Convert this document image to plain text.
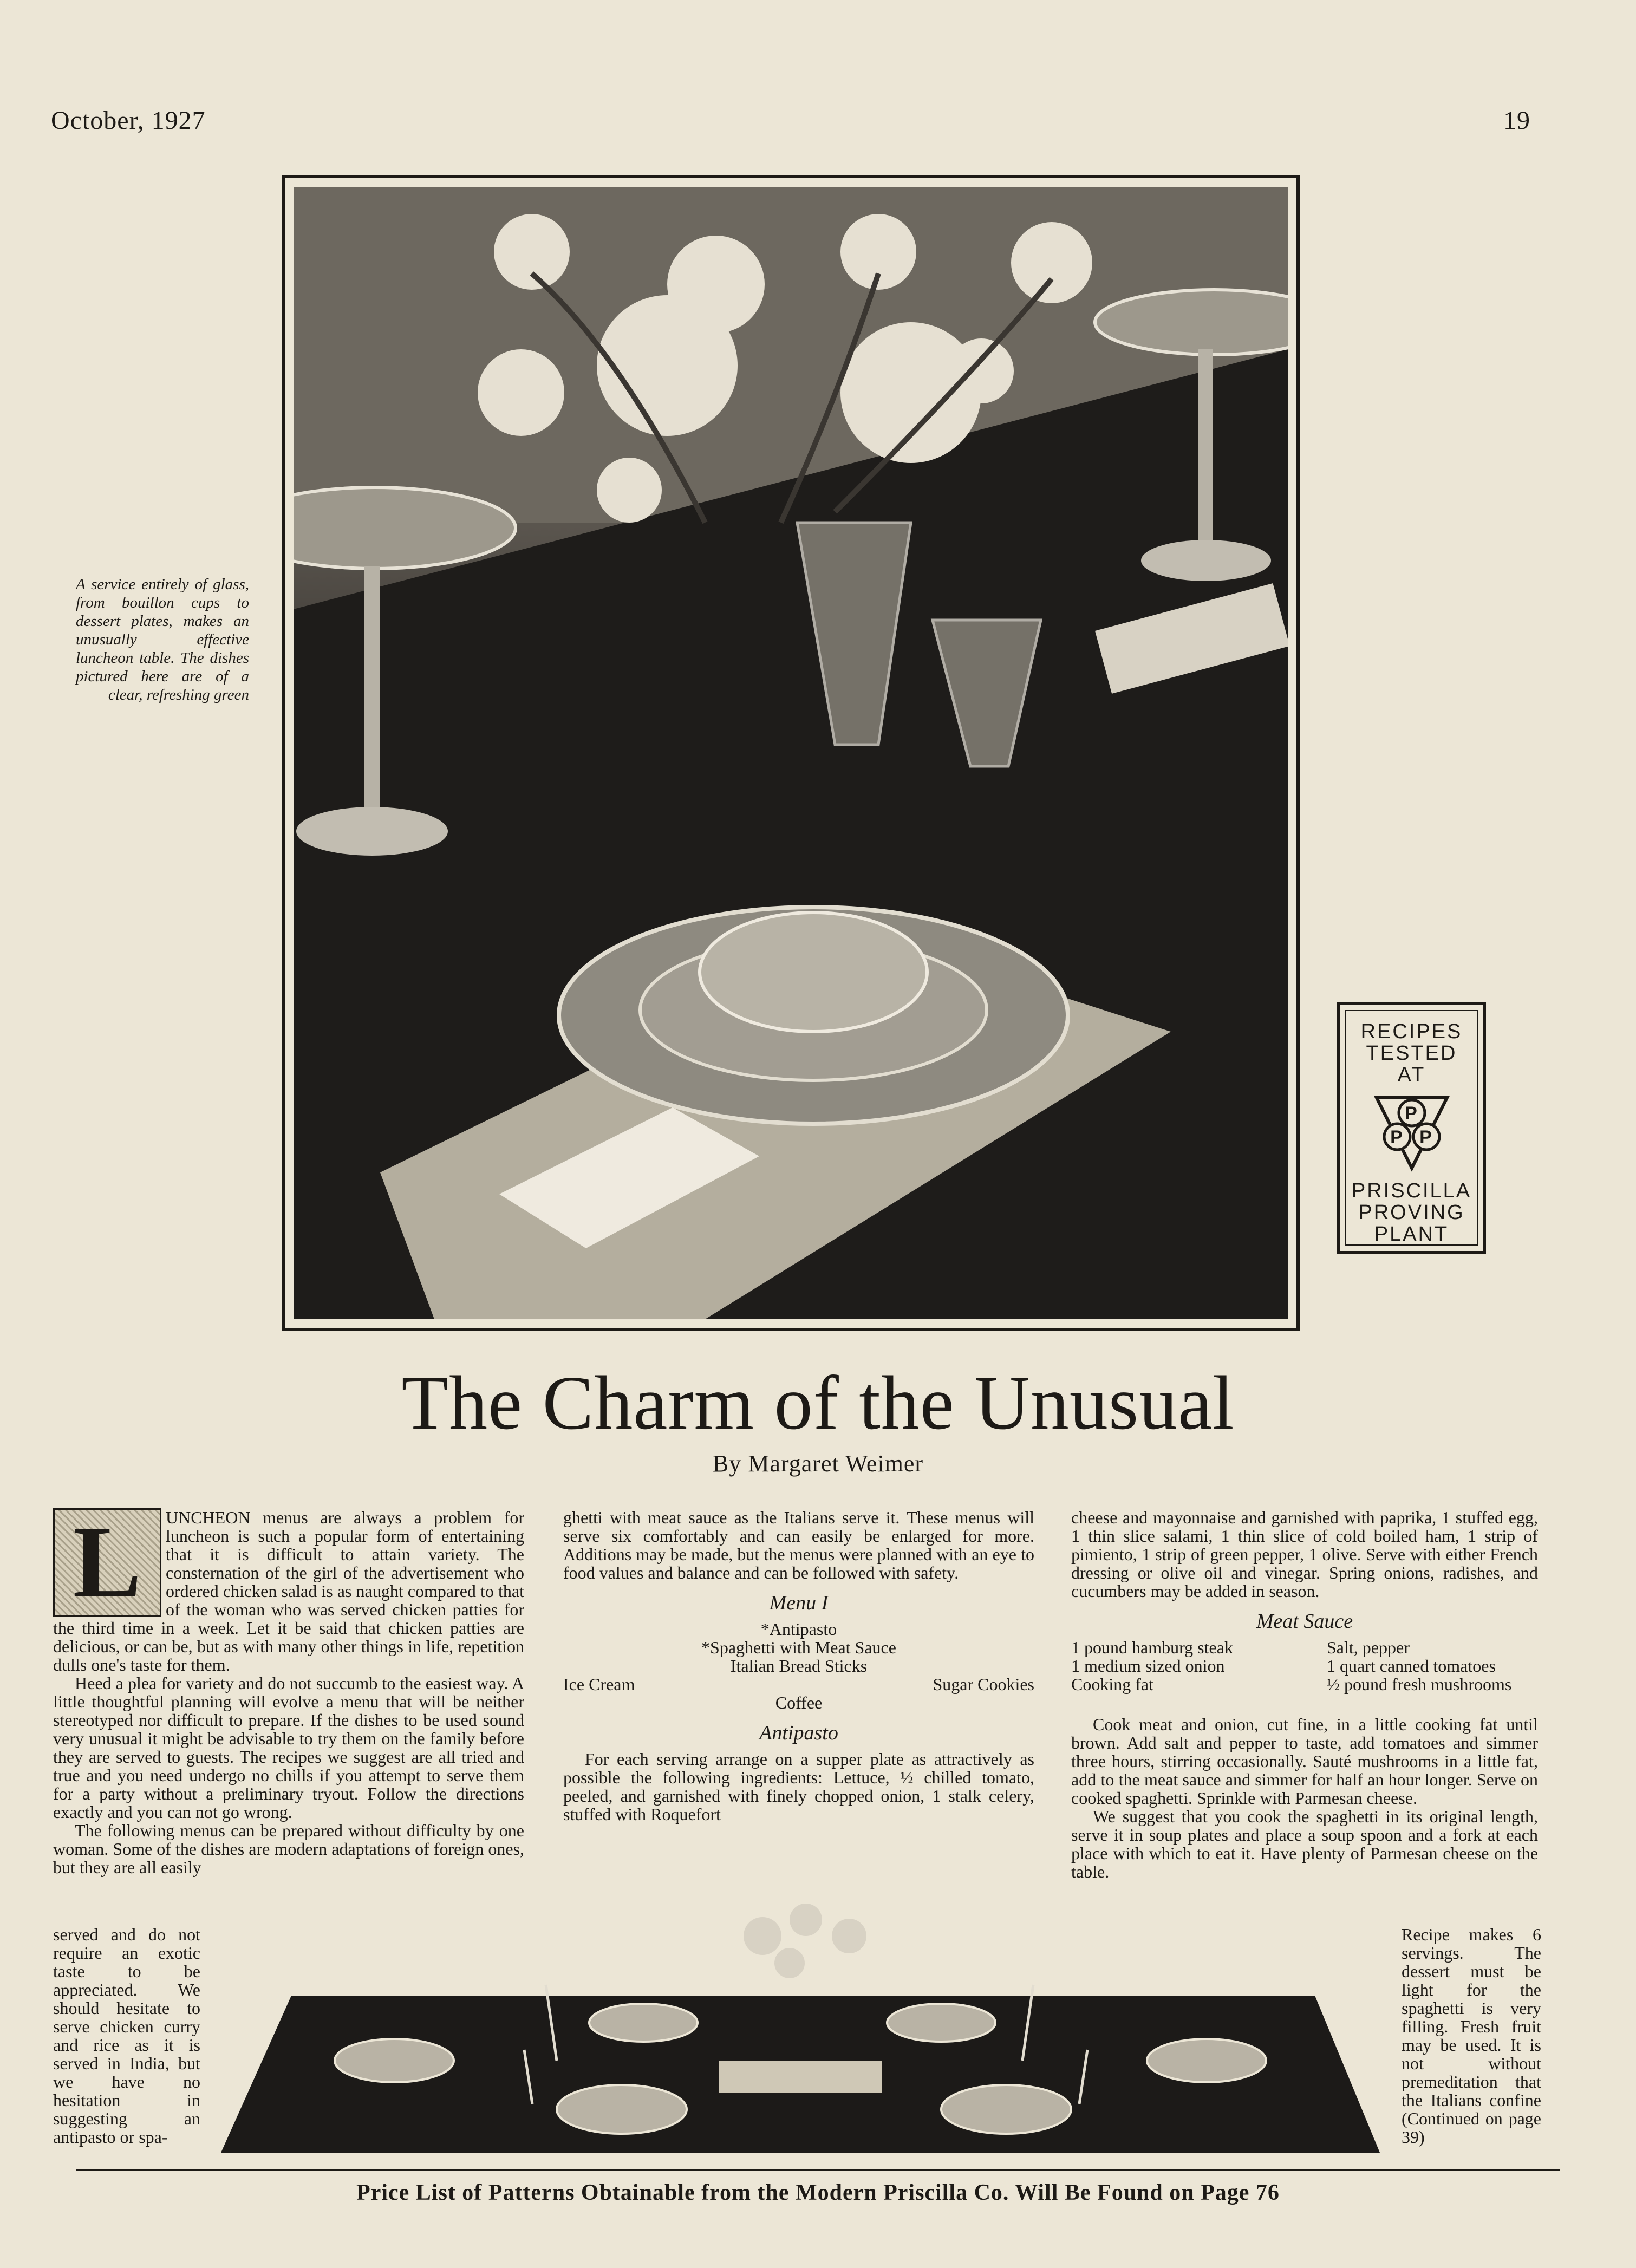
October, 1927	19
A service entirely of glass, from bouillon cups to dessert plates, makes an unusually effective luncheon table. The dishes pictured here are of a clear, refreshing green
RECIPES
TESTED
AT
P
P P
PRISCILLA
PROVING
PLANT
The Charm of the Unusual
By Margaret Weimer
L	UNCHEON menus are always a problem for luncheon is such a popular form of entertaining that it is difficult to attain variety. The consternation of the girl of the advertisement who ordered chicken salad is as naught compared to that of the woman who was served chicken patties for the third time in a week. Let it be said that chicken patties are delicious, or can be, but as with many other things in life, repetition dulls one's taste for them.

Heed a plea for variety and do not succumb to the easiest way. A little thoughtful planning will evolve a menu that will be neither stereotyped nor difficult to prepare. If the dishes to be used sound very unusual it might be advisable to try them on the family before they are served to guests. The recipes we suggest are all tried and true and you need undergo no chills if you attempt to serve them for a party without a preliminary tryout. Follow the directions exactly and you can not go wrong.

The following menus can be prepared without difficulty by one woman. Some of the dishes are modern adaptations of foreign ones, but they are all easily

served and do not require an exotic taste to be appreciated. We should hesitate to serve chicken curry and rice as it is served in India, but we have no hesitation in suggesting an antipasto or spa-

ghetti with meat sauce as the Italians serve it. These menus will serve six comfortably and can easily be enlarged for more. Additions may be made, but the menus were planned with an eye to food values and balance and can be followed with safety.

Menu I
*Antipasto
*Spaghetti with Meat Sauce
Italian Bread Sticks
Ice Cream	Sugar Cookies
Coffee
Antipasto

For each serving arrange on a supper plate as attractively as possible the following ingredients: Lettuce, ½ chilled tomato, peeled, and garnished with finely chopped onion, 1 stalk celery, stuffed with Roquefort

cheese and mayonnaise and garnished with paprika, 1 stuffed egg, 1 thin slice salami, 1 thin slice of cold boiled ham, 1 strip of pimiento, 1 strip of green pepper, 1 olive. Serve with either French dressing or olive oil and vinegar. Spring onions, radishes, and cucumbers may be added in season.

Meat Sauce
1 pound hamburg steak	Salt, pepper
1 medium sized onion	1 quart canned tomatoes
Cooking fat	½ pound fresh mushrooms

Cook meat and onion, cut fine, in a little cooking fat until brown. Add salt and pepper to taste, add tomatoes and simmer three hours, stirring occasionally. Sauté mushrooms in a little fat, add to the meat sauce and simmer for half an hour longer. Serve on cooked spaghetti. Sprinkle with Parmesan cheese.

We suggest that you cook the spaghetti in its original length, serve it in soup plates and place a soup spoon and a fork at each place with which to eat it. Have plenty of Parmesan cheese on the table.

Recipe makes 6 servings. The dessert must be light for the spaghetti is very filling. Fresh fruit may be used. It is not without premeditation that the Italians confine (Continued on page 39)
Price List of Patterns Obtainable from the Modern Priscilla Co. Will Be Found on Page 76
